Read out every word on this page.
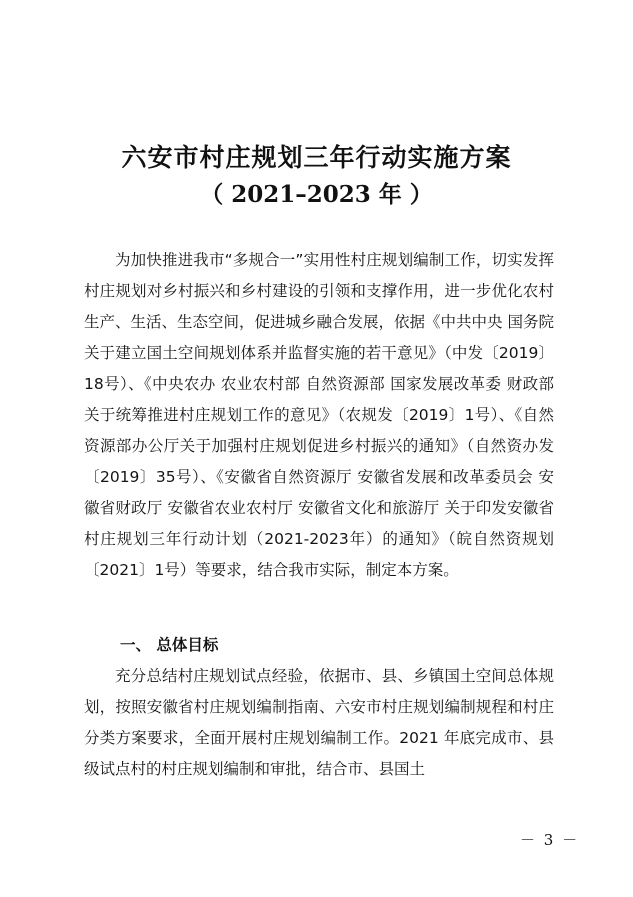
六安市村庄规划三年行动实施方案

（ 2021–2023 年 ）

为加快推进我市“多规合一”实用性村庄规划编制工作，切实发挥村庄规划对乡村振兴和乡村建设的引领和支撑作用，进一步优化农村生产、生活、生态空间，促进城乡融合发展，依据《中共中央 国务院关于建立国土空间规划体系并监督实施的若干意见》（中发〔2019〕18号）、《中央农办 农业农村部 自然资源部 国家发展改革委 财政部关于统筹推进村庄规划工作的意见》（农规发〔2019〕1号）、《自然资源部办公厅关于加强村庄规划促进乡村振兴的通知》（自然资办发〔2019〕35号）、《安徽省自然资源厅 安徽省发展和改革委员会 安徽省财政厅 安徽省农业农村厅 安徽省文化和旅游厅 关于印发安徽省村庄规划三年行动计划（2021-2023年）的通知》（皖自然资规划〔2021〕1号）等要求，结合我市实际，制定本方案。

一、 总体目标

充分总结村庄规划试点经验，依据市、县、乡镇国土空间总体规划，按照安徽省村庄规划编制指南、六安市村庄规划编制规程和村庄分类方案要求，全面开展村庄规划编制工作。2021 年底完成市、县级试点村的村庄规划编制和审批，结合市、县国土

－ 3 －
